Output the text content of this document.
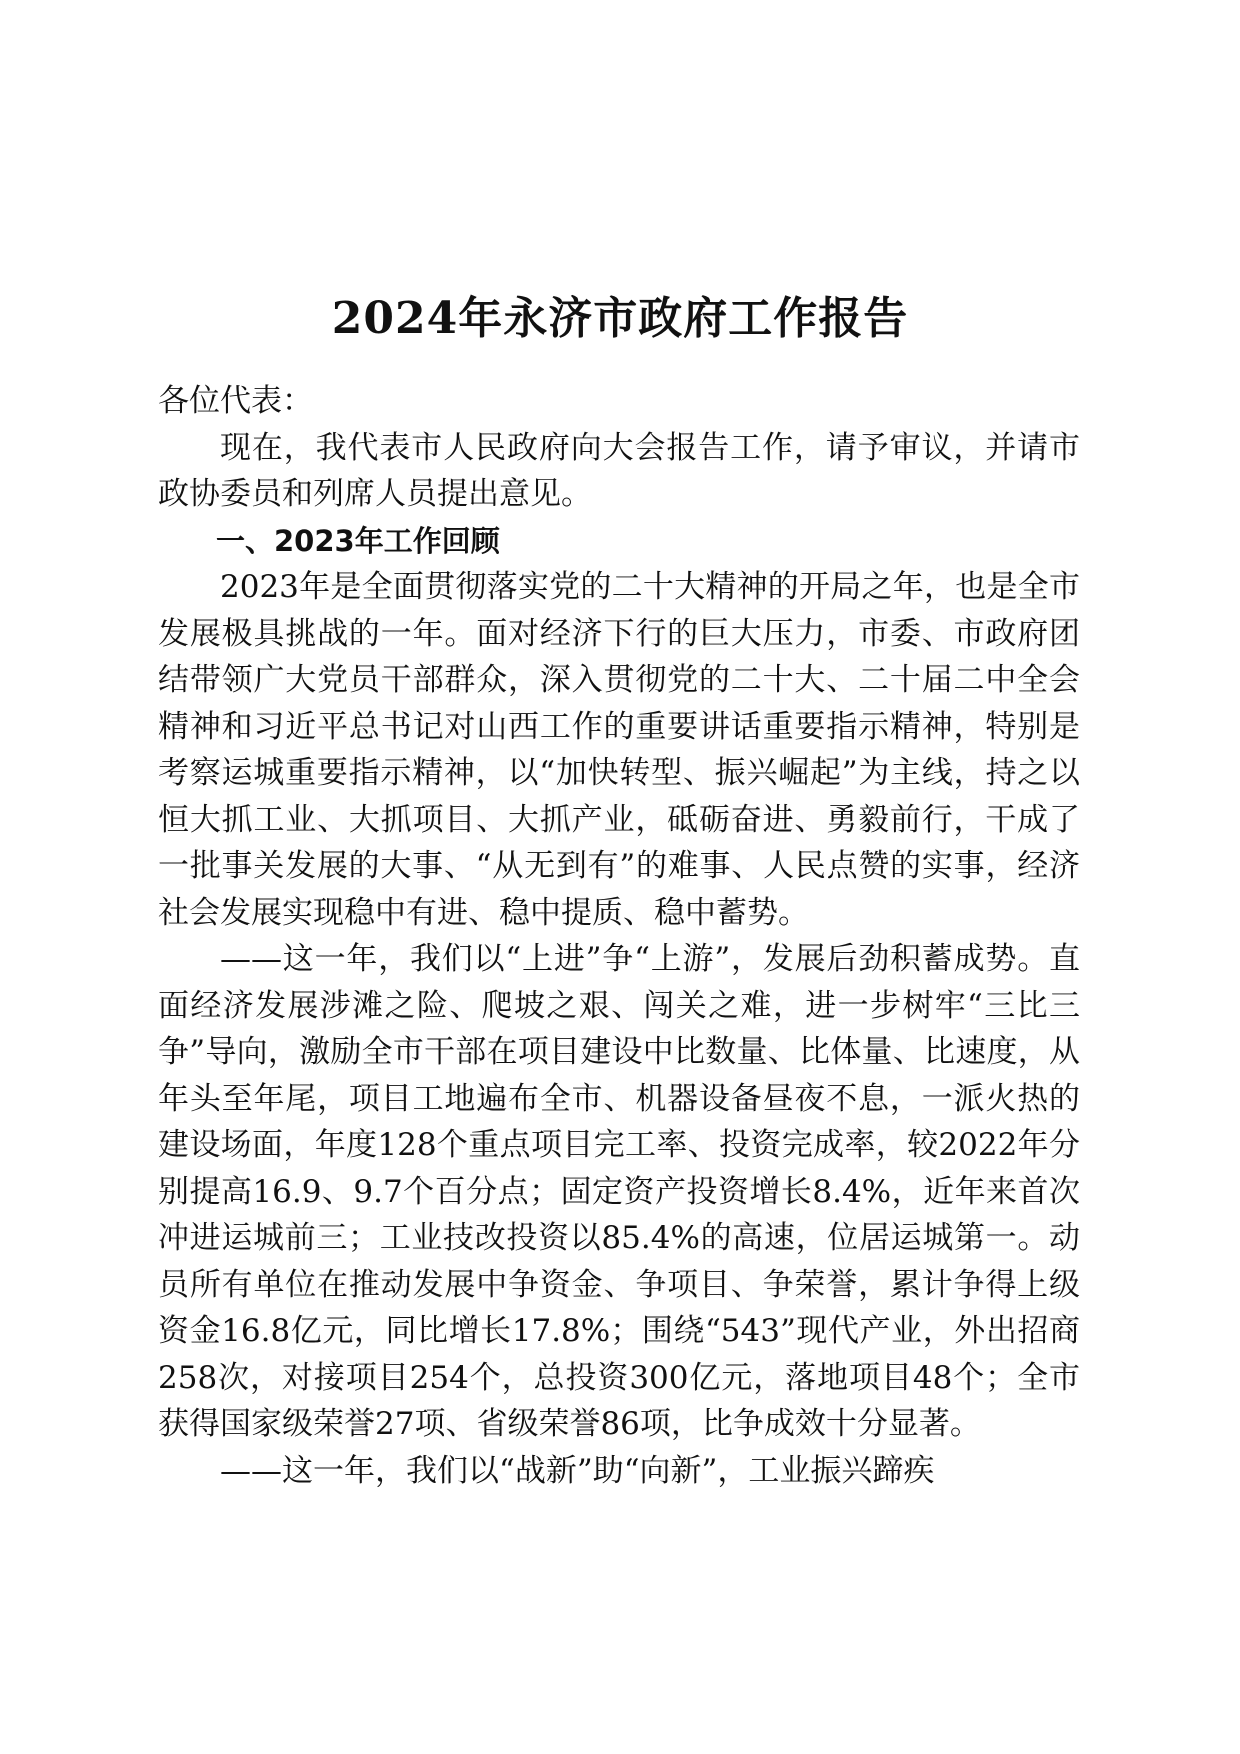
2024年永济市政府工作报告

各位代表：

现在，我代表市人民政府向大会报告工作，请予审议，并请市政协委员和列席人员提出意见。

一、2023年工作回顾

2023年是全面贯彻落实党的二十大精神的开局之年，也是全市发展极具挑战的一年。面对经济下行的巨大压力，市委、市政府团结带领广大党员干部群众，深入贯彻党的二十大、二十届二中全会精神和习近平总书记对山西工作的重要讲话重要指示精神，特别是考察运城重要指示精神，以“加快转型、振兴崛起”为主线，持之以恒大抓工业、大抓项目、大抓产业，砥砺奋进、勇毅前行，干成了一批事关发展的大事、“从无到有”的难事、人民点赞的实事，经济社会发展实现稳中有进、稳中提质、稳中蓄势。

——这一年，我们以“上进”争“上游”，发展后劲积蓄成势。直面经济发展涉滩之险、爬坡之艰、闯关之难，进一步树牢“三比三争”导向，激励全市干部在项目建设中比数量、比体量、比速度，从年头至年尾，项目工地遍布全市、机器设备昼夜不息，一派火热的建设场面，年度128个重点项目完工率、投资完成率，较2022年分别提高16.9、9.7个百分点；固定资产投资增长8.4%，近年来首次冲进运城前三；工业技改投资以85.4%的高速，位居运城第一。动员所有单位在推动发展中争资金、争项目、争荣誉，累计争得上级资金16.8亿元，同比增长17.8%；围绕“543”现代产业，外出招商258次，对接项目254个，总投资300亿元，落地项目48个；全市获得国家级荣誉27项、省级荣誉86项，比争成效十分显著。

——这一年，我们以“战新”助“向新”，工业振兴蹄疾
